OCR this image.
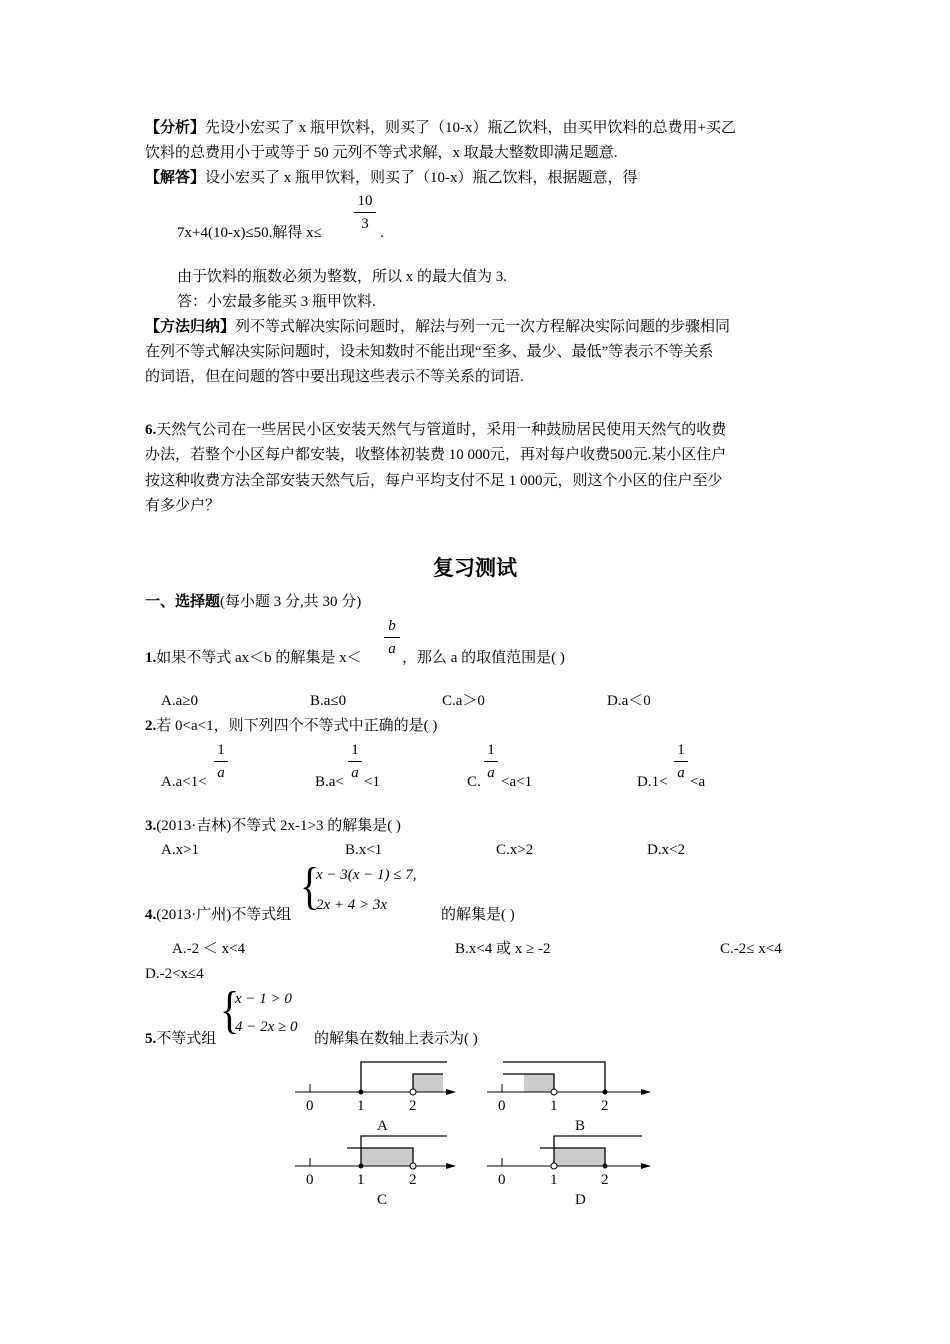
【分析】先设小宏买了 x 瓶甲饮料，则买了（10-x）瓶乙饮料，由买甲饮料的总费用+买乙
饮料的总费用小于或等于 50 元列不等式求解，x 取最大整数即满足题意.
【解答】设小宏买了 x 瓶甲饮料，则买了（10-x）瓶乙饮料，根据题意，得
10
3
7x+4(10-x)≤50.解得 x≤	.
由于饮料的瓶数必须为整数，所以 x 的最大值为 3.
答：小宏最多能买 3 瓶甲饮料.
【方法归纳】列不等式解决实际问题时，解法与列一元一次方程解决实际问题的步骤相同
在列不等式解决实际问题时，设未知数时不能出现“至多、最少、最低”等表示不等关系
的词语，但在问题的答中要出现这些表示不等关系的词语.
6.天然气公司在一些居民小区安装天然气与管道时，采用一种鼓励居民使用天然气的收费
办法，若整个小区每户都安装，收整体初装费 10 000元，再对每户收费500元.某小区住户
按这种收费方法全部安装天然气后，每户平均支付不足 1 000元，则这个小区的住户至少
有多少户？
复习测试
一、选择题(每小题 3 分,共 30 分)
b
a
1.如果不等式 ax＜b 的解集是 x＜	，那么 a 的取值范围是( )
A.a≥0	B.a≤0	C.a＞0	D.a＜0
2.若 0<a<1，则下列四个不等式中正确的是( )
A.a<1<
1
a
B.a<
1
a
<1	C.
1
a
<a<1	D.1<
1
a
<a
3.(2013·吉林)不等式 2x-1>3 的解集是( )
A.x>1	B.x<1	C.x>2	D.x<2
{
x − 3(x − 1) ≤ 7,
2x + 4 > 3x
4.(2013·广州)不等式组	的解集是( )
A.-2 ＜ x<4	B.x<4 或 x ≥ -2	C.-2≤ x<4
D.-2<x≤4
{
x − 1 > 0
4 − 2x ≥ 0
5.不等式组	的解集在数轴上表示为( )
0	1	2
A
0	1	2
B
0	1	2
C
0	1	2
D
